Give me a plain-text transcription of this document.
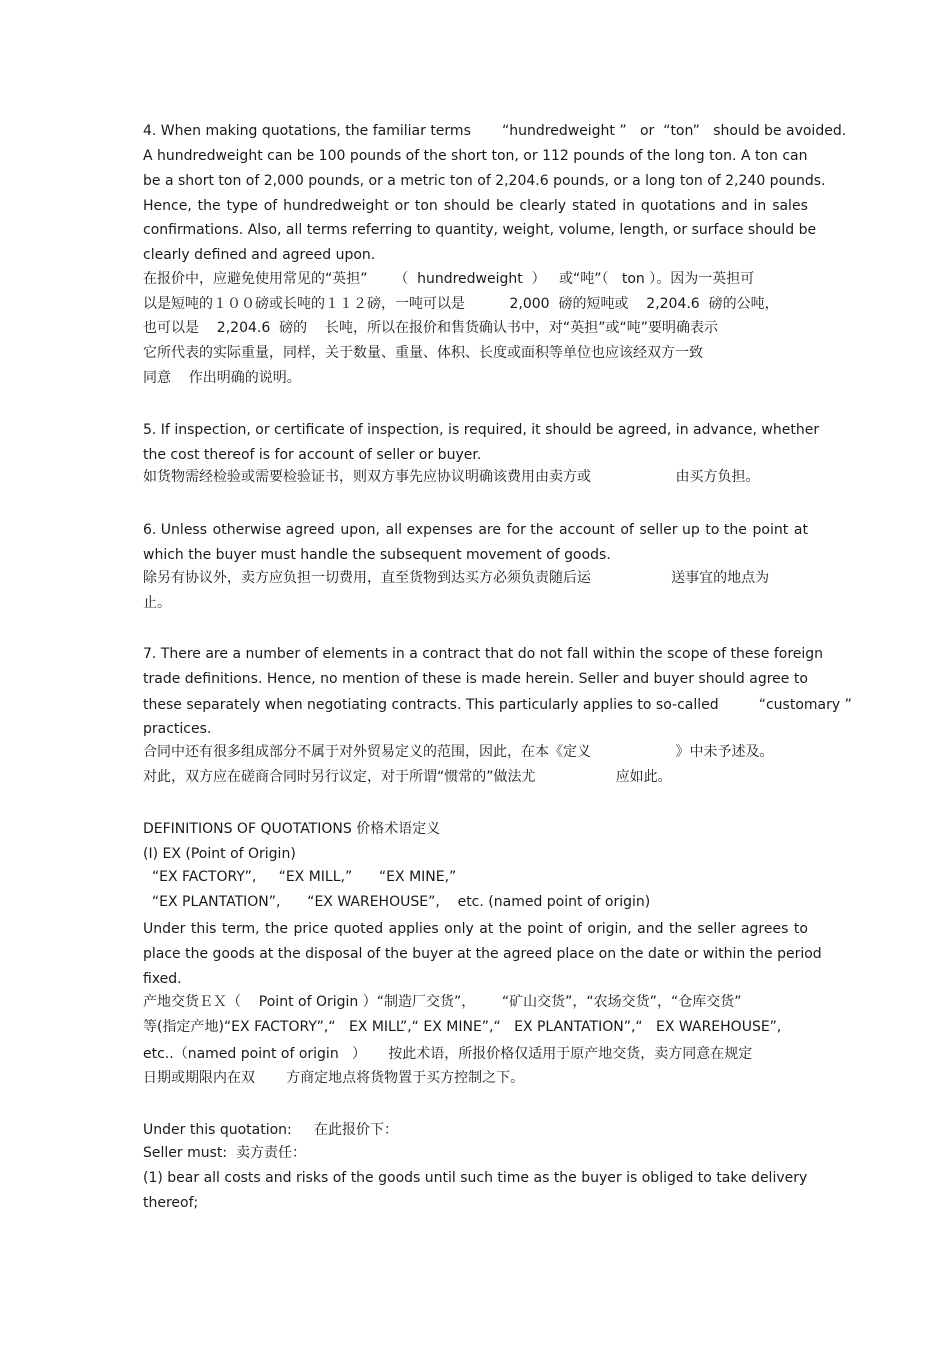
4. When making quotations, the familiar terms       “hundredweight ”   or  “ton”   should be avoided.
A hundredweight can be 100 pounds of the short ton, or 112 pounds of the long ton. A ton can
be a short ton of 2,000 pounds, or a metric ton of 2,204.6 pounds, or a long ton of 2,240 pounds.
Hence, the type of hundredweight or ton should be clearly stated in quotations and in sales
confirmations. Also, all terms referring to quantity, weight, volume, length, or surface should be
clearly defined and agreed upon.
在报价中，应避免使用常见的“英担”      （  hundredweight  ）   或“吨”（   ton ）。因为一英担可
以是短吨的１００磅或长吨的１１２磅，一吨可以是          2,000  磅的短吨或    2,204.6  磅的公吨，
也可以是    2,204.6  磅的    长吨，所以在报价和售货确认书中，对“英担”或“吨”要明确表示
它所代表的实际重量，同样，关于数量、重量、体积、长度或面积等单位也应该经双方一致
同意    作出明确的说明。
5. If inspection, or certificate of inspection, is required, it should be agreed, in advance, whether
the cost thereof is for account of seller or buyer.
如货物需经检验或需要检验证书，则双方事先应协议明确该费用由卖方或                   由买方负担。
6. Unless otherwise agreed upon, all expenses are for the account of seller up to the point at
which the buyer must handle the subsequent movement of goods.
除另有协议外，卖方应负担一切费用，直至货物到达买方必须负责随后运                  送事宜的地点为
止。
7. There are a number of elements in a contract that do not fall within the scope of these foreign
trade definitions. Hence, no mention of these is made herein. Seller and buyer should agree to
these separately when negotiating contracts. This particularly applies to so-called         “customary ”
practices.
合同中还有很多组成部分不属于对外贸易定义的范围，因此，在本《定义                   》中未予述及。
对此，双方应在磋商合同时另行议定，对于所谓“惯常的”做法尤                  应如此。
DEFINITIONS OF QUOTATIONS 价格术语定义
(I) EX (Point of Origin)
“EX FACTORY”,     “EX MILL,”      “EX MINE,”
“EX PLANTATION”,      “EX WAREHOUSE”,    etc. (named point of origin)
Under this term, the price quoted applies only at the point of origin, and the seller agrees to
place the goods at the disposal of the buyer at the agreed place on the date or within the period
fixed.
产地交货ＥＸ（    Point of Origin ）“制造厂交货”，      “矿山交货”，“农场交货”，“仓库交货”
等(指定产地)“EX FACTORY”,“   EX MILL”,“ EX MINE”,“   EX PLANTATION”,“   EX WAREHOUSE”,
etc..（named point of origin   ）     按此术语，所报价格仅适用于原产地交货，卖方同意在规定
日期或期限内在双       方商定地点将货物置于买方控制之下。
Under this quotation:     在此报价下：
Seller must:  卖方责任：
(1) bear all costs and risks of the goods until such time as the buyer is obliged to take delivery
thereof;
